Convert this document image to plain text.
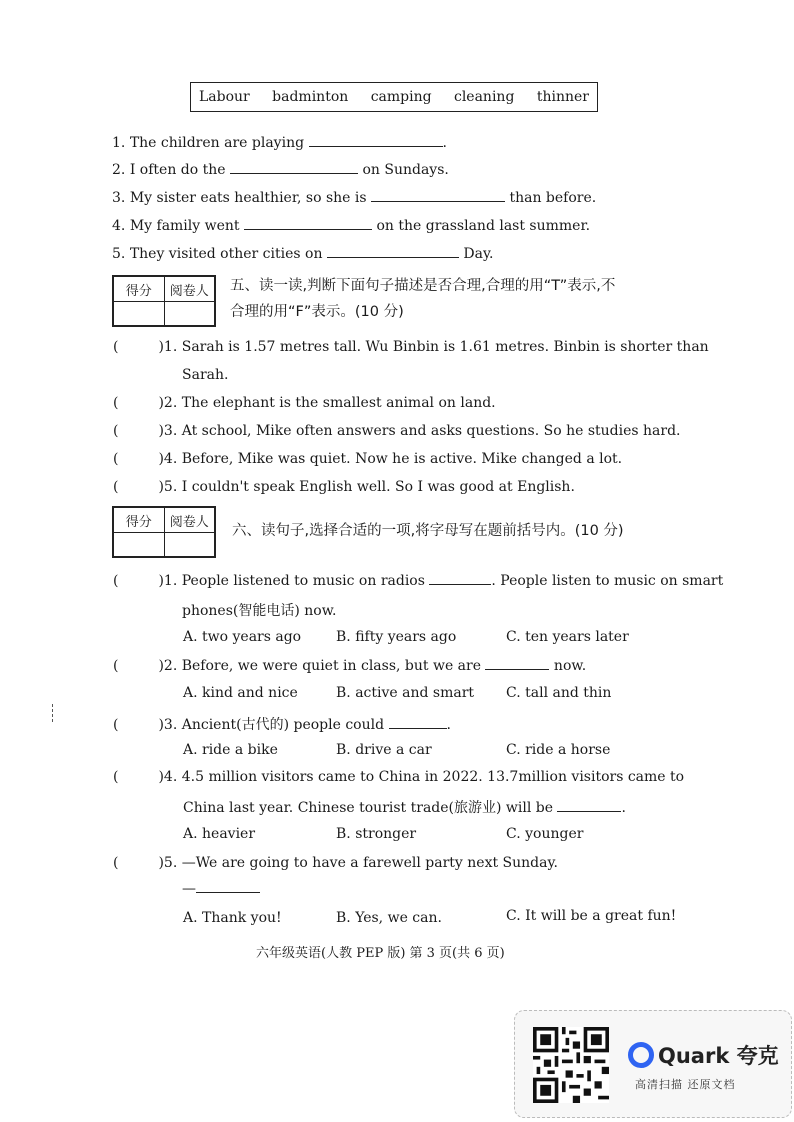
Labour badminton camping cleaning thinner
1. The children are playing	.
2. I often do the	on Sundays.
3. My sister eats healthier, so she is	than before.
4. My family went	on the grassland last summer.
5. They visited other cities on	Day.
得分	阅卷人
	五、读一读,判断下面句子描述是否合理,合理的用“T”表示,不
合理的用“F”表示。(10 分)
(	)1. Sarah is 1.57 metres tall. Wu Binbin is 1.61 metres. Binbin is shorter than
Sarah.
(	)2. The elephant is the smallest animal on land.
(	)3. At school, Mike often answers and asks questions. So he studies hard.
(	)4. Before, Mike was quiet. Now he is active. Mike changed a lot.
(	)5. I couldn't speak English well. So I was good at English.
得分	阅卷人

六、读句子,选择合适的一项,将字母写在题前括号内。(10 分)
(	)1. People listened to music on radios	. People listen to music on smart
phones(智能电话) now.
A. two years ago B. fifty years ago	C. ten years later
(	)2. Before, we were quiet in class, but we are	now.
A. kind and nice	B. active and smart C. tall and thin
(	)3. Ancient(古代的) people could	.
A. ride a bike	B. drive a car	C. ride a horse
(	)4. 4.5 million visitors came to China in 2022. 13.7million visitors came to
China last year. Chinese tourist trade(旅游业) will be	.
A. heavier	B. stronger	C. younger
(	)5. —We are going to have a farewell party next Sunday.
—
A. Thank you!	B. Yes, we can.	C. It will be a great fun!
六年级英语(人教 PEP 版) 第 3 页(共 6 页)
Quark 夸克
高清扫描 还原文档
